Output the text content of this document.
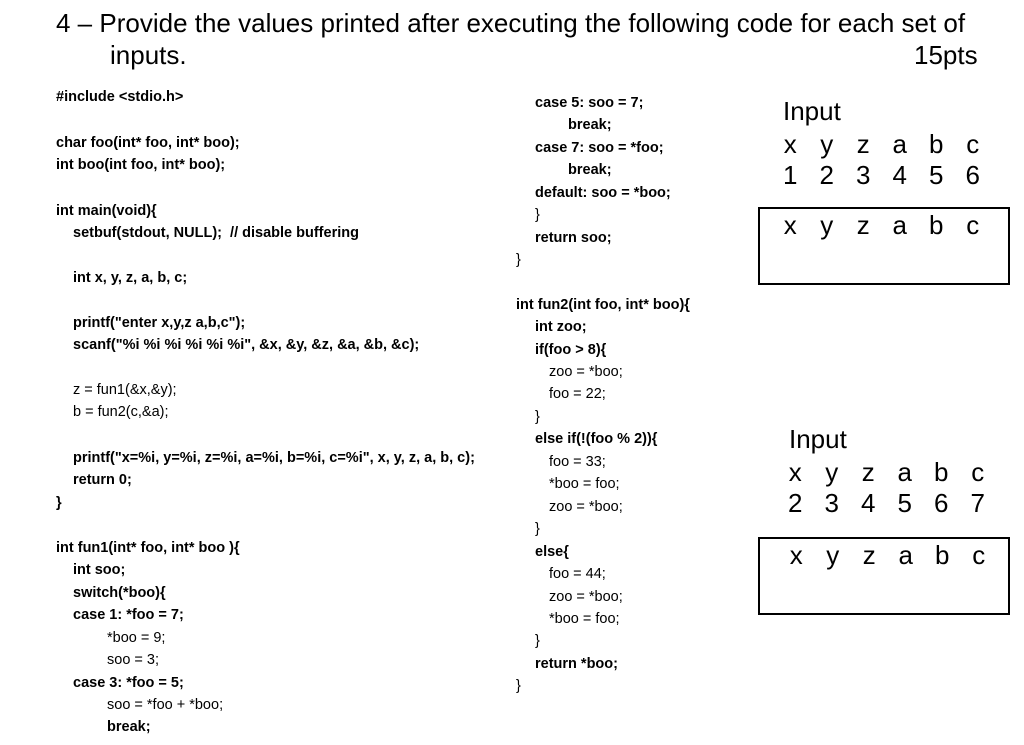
4 – Provide the values printed after executing the following code for each set of
inputs.	15pts
#include <stdio.h>
char foo(int* foo, int* boo);
int boo(int foo, int* boo);
int main(void){
setbuf(stdout, NULL);  // disable buffering
int x, y, z, a, b, c;
printf("enter x,y,z a,b,c");
scanf("%i %i %i %i %i %i", &x, &y, &z, &a, &b, &c);
z = fun1(&x,&y);
b = fun2(c,&a);
printf("x=%i, y=%i, z=%i, a=%i, b=%i, c=%i", x, y, z, a, b, c);
return 0;
}
int fun1(int* foo, int* boo ){
int soo;
switch(*boo){
case 1: *foo = 7;
*boo = 9;
soo = 3;
case 3: *foo = 5;
soo = *foo + *boo;
break;
case 5: soo = 7;
break;
case 7: soo = *foo;
break;
default: soo = *boo;
}
return soo;
}
int fun2(int foo, int* boo){
int zoo;
if(foo > 8){
zoo = *boo;
foo = 22;
}
else if(!(foo % 2)){
foo = 33;
*boo = foo;
zoo = *boo;
}
else{
foo = 44;
zoo = *boo;
*boo = foo;
}
return *boo;
}
Input
x y z a b c
1 2 3 4 5 6
x y z a b c
Input
x y z a b c
2 3 4 5 6 7
x y z a b c
